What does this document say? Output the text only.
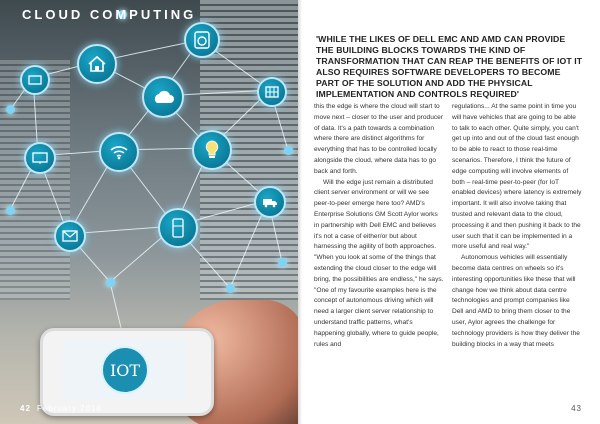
IOT
CLOUD COMPUTING
42 February 2018
'WHILE THE LIKES OF DELL EMC AND AMD CAN PROVIDE THE BUILDING BLOCKS TOWARDS THE KIND OF TRANSFORMATION THAT CAN REAP THE BENEFITS OF IOT IT ALSO REQUIRES SOFTWARE DEVELOPERS TO BECOME PART OF THE SOLUTION AND ADD THE PHYSICAL IMPLEMENTATION AND CONTROLS REQUIRED'

this the edge is where the cloud will start to move next – closer to the user and producer of data. It's a path towards a combination where there are distinct algorithms for everything that has to be controlled locally alongside the cloud, where data has to go back and forth.

Will the edge just remain a distributed client server environment or will we see peer-to-peer emerge here too? AMD's Enterprise Solutions GM Scott Aylor works in partnership with Dell EMC and believes it's not a case of either/or but about harnessing the agility of both approaches. "When you look at some of the things that extending the cloud closer to the edge will bring, the possibilities are endless," he says. "One of my favourite examples here is the concept of autonomous driving which will need a larger client server relationship to understand traffic patterns, what's happening globally, where to guide people, rules and

regulations... At the same point in time you will have vehicles that are going to be able to talk to each other. Quite simply, you can't get up into and out of the cloud fast enough to be able to react to those real-time scenarios. Therefore, I think the future of edge computing will involve elements of both – real-time peer-to-peer (for IoT enabled devices) where latency is extremely important. It will also involve taking that trusted and relevant data to the cloud, processing it and then pushing it back to the user such that it can be implemented in a more useful and real way."

Autonomous vehicles will essentially become data centres on wheels so it's interesting opportunities like these that will change how we think about data centre technologies and prompt companies like Dell and AMD to bring them closer to the user, Aylor agrees the challenge for technology providers is how they deliver the building blocks in a way that meets

43
